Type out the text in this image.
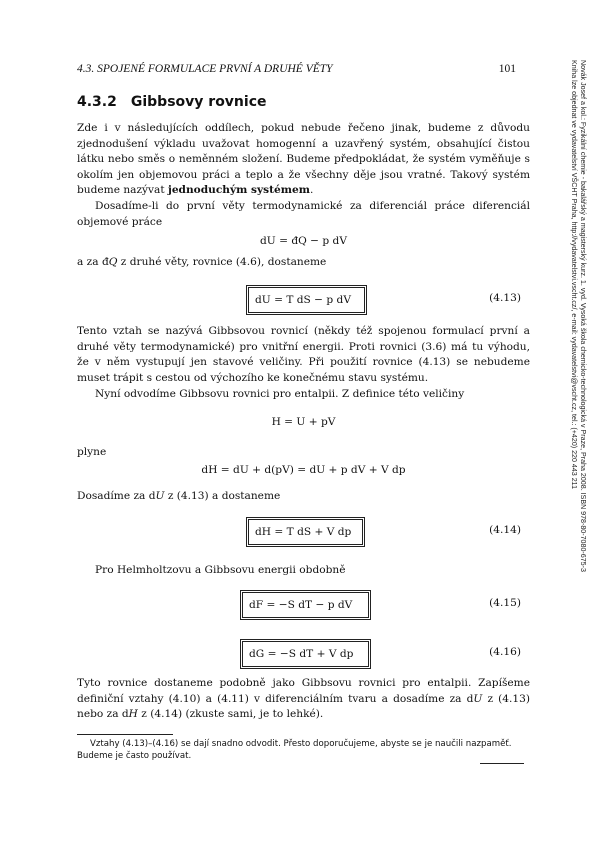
4.3. SPOJENÉ FORMULACE PRVNÍ A DRUHÉ VĚTY	101	Novák Josef a kol.: Fyzikální chemie - bakalářský a magisterský kurz. 1. vyd. Vysoká škola chemicko-technologická v Praze, Praha 2008. ISBN 978-80-7080-675-3
Kniha lze objednat ve vydavatelství VŠCHT Praha, http://vydavatelstvi.vscht.cz/, e-mail: vydavatelstvi@vscht.cz, tel.: (+420) 220 443 211
4.3.2 Gibbsovy rovnice
Zde i v následujících oddílech, pokud nebude řečeno jinak, budeme z důvodu zjednodušení výkladu uvažovat homogenní a uzavřený systém, obsahující čistou látku nebo směs o neměnném složení. Budeme předpokládat, že systém vyměňuje s okolím jen objemovou práci a teplo a že všechny děje jsou vratné. Takový systém budeme nazývat jednoduchým systémem.
Dosadíme-li do první věty termodynamické za diferenciál práce diferenciál objemové práce
dU = đQ − p dV
a za đQ z druhé věty, rovnice (4.6), dostaneme
dU = T dS − p dV	(4.13)
Tento vztah se nazývá Gibbsovou rovnicí (někdy též spojenou formulací první a druhé věty termodynamické) pro vnitřní energii. Proti rovnici (3.6) má tu výhodu, že v něm vystupují jen stavové veličiny. Při použití rovnice (4.13) se nebudeme muset trápit s cestou od výchozího ke konečnému stavu systému.
Nyní odvodíme Gibbsovu rovnici pro entalpii. Z definice této veličiny
H = U + pV
plyne
dH = dU + d(pV) = dU + p dV + V dp
Dosadíme za dU z (4.13) a dostaneme
dH = T dS + V dp	(4.14)
Pro Helmholtzovu a Gibbsovu energii obdobně
dF = −S dT − p dV	(4.15)
dG = −S dT + V dp	(4.16)
Tyto rovnice dostaneme podobně jako Gibbsovu rovnici pro entalpii. Zapíšeme definiční vztahy (4.10) a (4.11) v diferenciálním tvaru a dosadíme za dU z (4.13) nebo za dH z (4.14) (zkuste sami, je to lehké).
Vztahy (4.13)–(4.16) se dají snadno odvodit. Přesto doporučujeme, abyste se je naučili nazpaměť.
Budeme je často používat.
